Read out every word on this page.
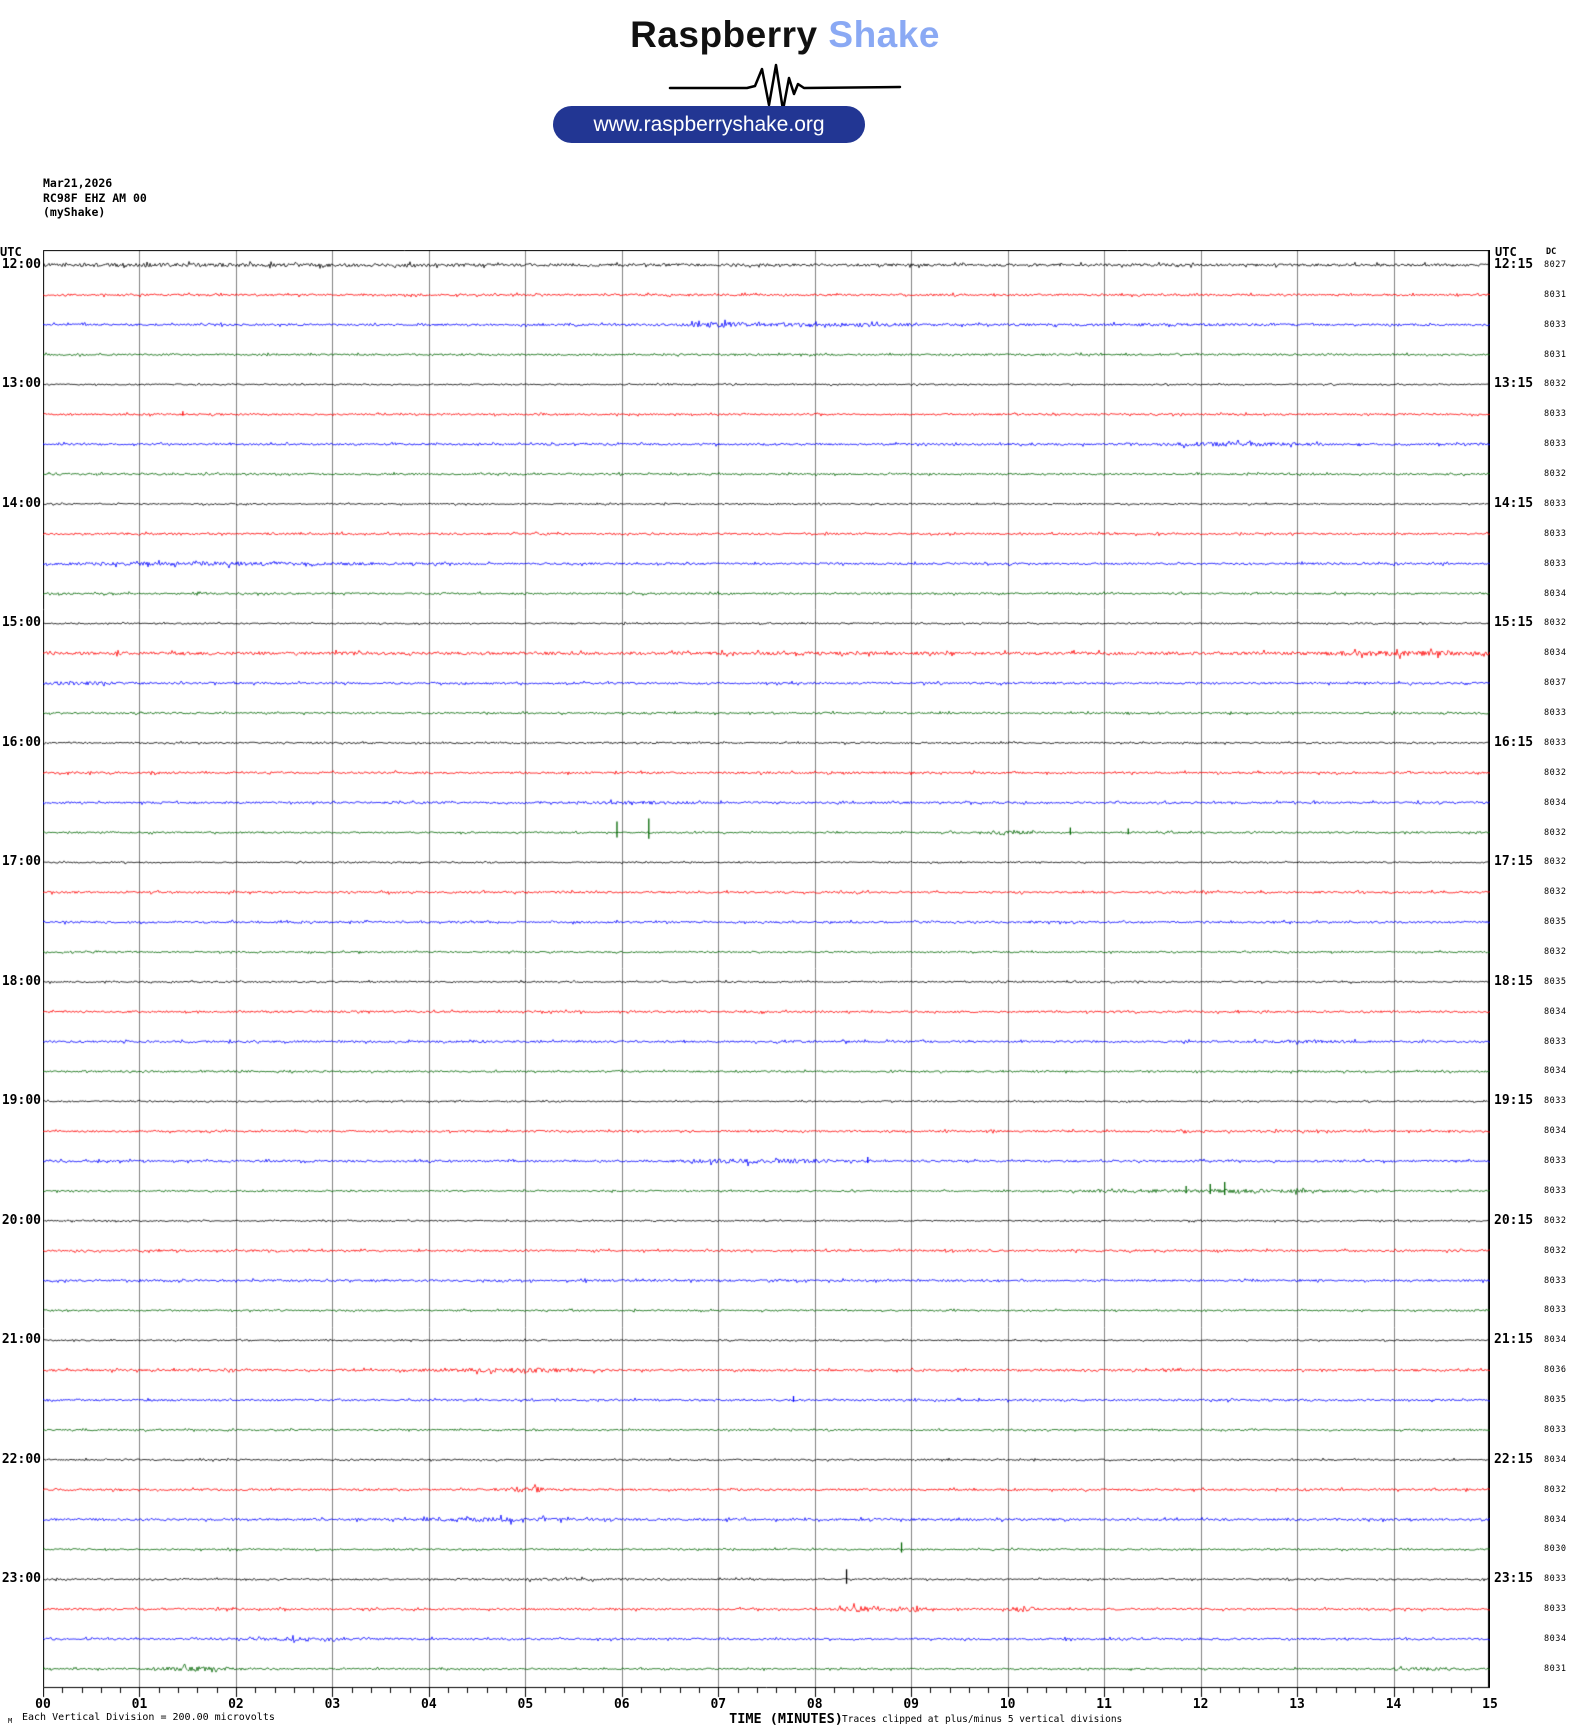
Raspberry Shake
www.raspberryshake.org
Mar21,2026
RC98F EHZ AM 00
(myShake)
UTC	UTC	DC
12:00
13:00
14:00
15:00
16:00
17:00
18:00
19:00
20:00
21:00
22:00
23:00
12:15
13:15
14:15
15:15
16:15
17:15
18:15
19:15
20:15
21:15
22:15
23:15
8027
8031
8033
8031
8032
8033
8033
8032
8033
8033
8033
8034
8032
8034
8037
8033
8033
8032
8034
8032
8032
8032
8035
8032
8035
8034
8033
8034
8033
8034
8033
8033
8032
8032
8033
8033
8034
8036
8035
8033
8034
8032
8034
8030
8033
8033
8034
8031
00	01	02	03	04	05	06	07	08	09	10	11	12	13	14	15
TIME (MINUTES) Traces clipped at plus/minus 5 vertical divisions
M Each Vertical Division = 200.00 microvolts
